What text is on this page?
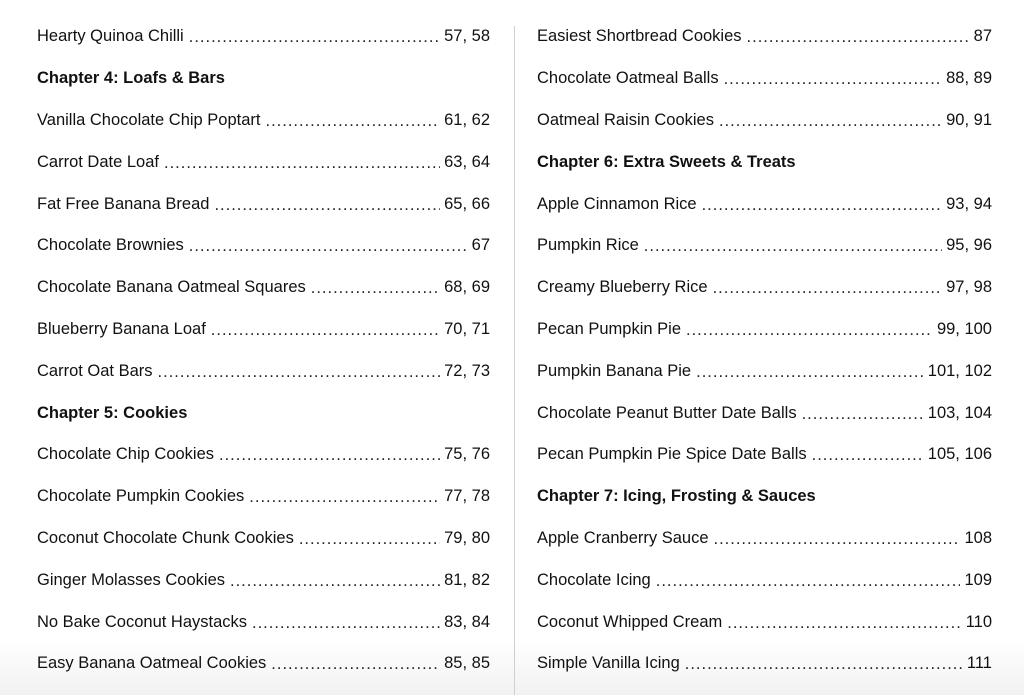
Hearty Quinoa Chilli .....	57, 58
Chapter 4: Loafs & Bars
Vanilla Chocolate Chip Poptart .....	61, 62
Carrot Date Loaf .....	63, 64
Fat Free Banana Bread .....	65, 66
Chocolate Brownies .....	67
Chocolate Banana Oatmeal Squares .....	68, 69
Blueberry Banana Loaf .....	70, 71
Carrot Oat Bars .....	72, 73
Chapter 5: Cookies
Chocolate Chip Cookies .....	75, 76
Chocolate Pumpkin Cookies .....	77, 78
Coconut Chocolate Chunk Cookies .....	79, 80
Ginger Molasses Cookies .....	81, 82
No Bake Coconut Haystacks .....	83, 84
Easy Banana Oatmeal Cookies .....	85, 85
Easiest Shortbread Cookies .....	87
Chocolate Oatmeal Balls .....	88, 89
Oatmeal Raisin Cookies .....	90, 91
Chapter 6: Extra Sweets & Treats
Apple Cinnamon Rice .....	93, 94
Pumpkin Rice .....	95, 96
Creamy Blueberry Rice .....	97, 98
Pecan Pumpkin Pie .....	99, 100
Pumpkin Banana Pie .....	101, 102
Chocolate Peanut Butter Date Balls .....	103, 104
Pecan Pumpkin Pie Spice Date Balls .....	105, 106
Chapter 7: Icing, Frosting & Sauces
Apple Cranberry Sauce .....	108
Chocolate Icing .....	109
Coconut Whipped Cream .....	110
Simple Vanilla Icing .....	111
